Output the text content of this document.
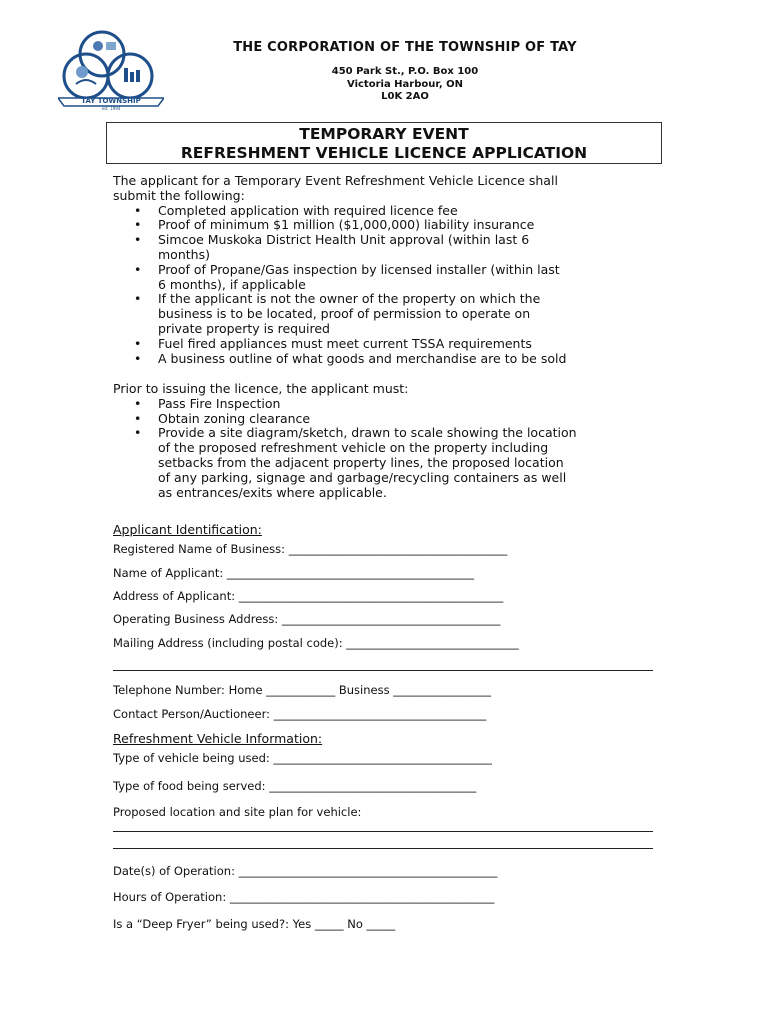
TAY TOWNSHIP
est. 1994
THE CORPORATION OF THE TOWNSHIP OF TAY
450 Park St., P.O. Box 100
Victoria Harbour, ON
L0K 2AO
TEMPORARY EVENT
REFRESHMENT VEHICLE LICENCE APPLICATION
The applicant for a Temporary Event Refreshment Vehicle Licence shall
submit the following:
• Completed application with required licence fee
• Proof of minimum $1 million ($1,000,000) liability insurance
• Simcoe Muskoka District Health Unit approval (within last 6
months)
• Proof of Propane/Gas inspection by licensed installer (within last
6 months), if applicable
• If the applicant is not the owner of the property on which the
business is to be located, proof of permission to operate on
private property is required
• Fuel fired appliances must meet current TSSA requirements
• A business outline of what goods and merchandise are to be sold
Prior to issuing the licence, the applicant must:
• Pass Fire Inspection
• Obtain zoning clearance
• Provide a site diagram/sketch, drawn to scale showing the location
of the proposed refreshment vehicle on the property including
setbacks from the adjacent property lines, the proposed location
of any parking, signage and garbage/recycling containers as well
as entrances/exits where applicable.
Applicant Identification:
Registered Name of Business: ______________________________________
Name of Applicant: ___________________________________________
Address of Applicant: ______________________________________________
Operating Business Address: ______________________________________
Mailing Address (including postal code): ______________________________
Telephone Number: Home ____________ Business _________________
Contact Person/Auctioneer: _____________________________________
Refreshment Vehicle Information:
Type of vehicle being used: ______________________________________
Type of food being served: ____________________________________
Proposed location and site plan for vehicle:
Date(s) of Operation: _____________________________________________
Hours of Operation: ______________________________________________
Is a “Deep Fryer” being used?: Yes _____ No _____
